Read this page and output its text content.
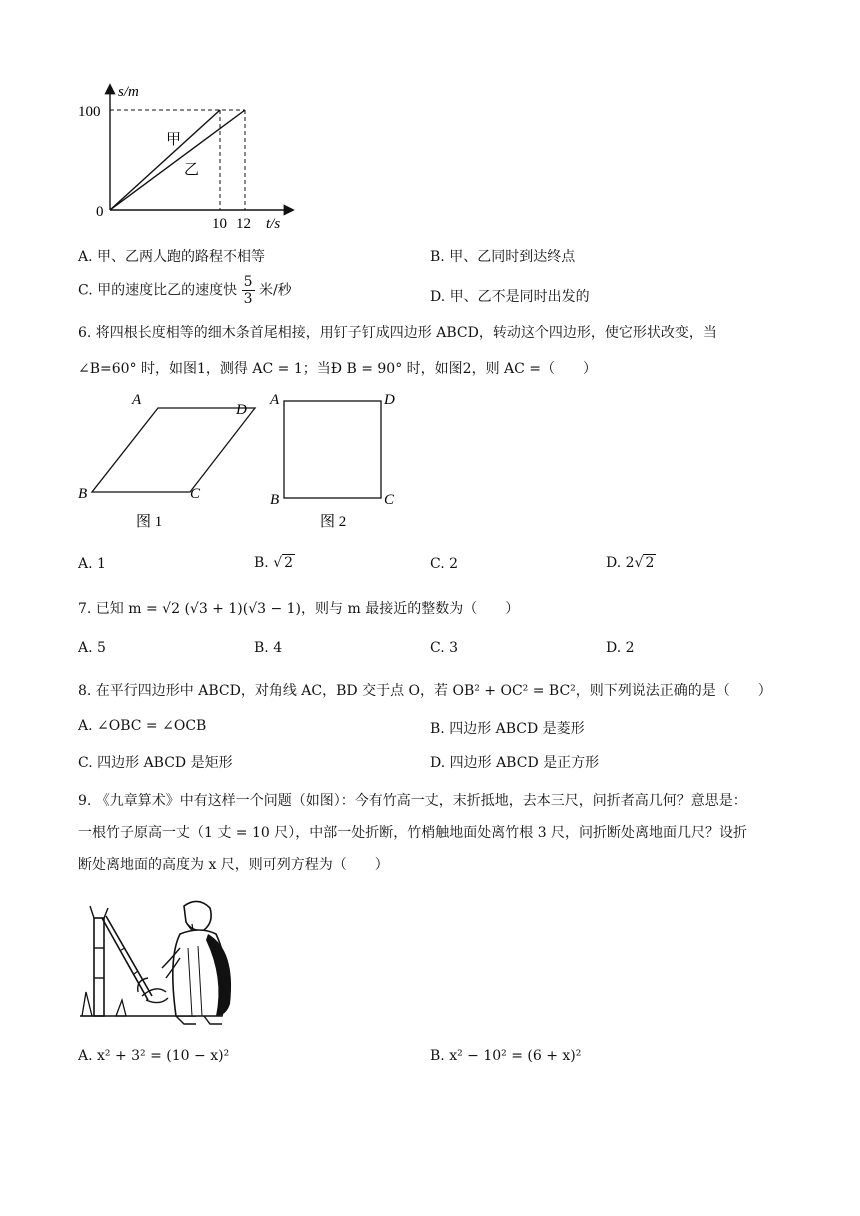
s/m
100
0
10 12 t/s
甲
乙
A. 甲、乙两人跑的路程不相等	B. 甲、乙同时到达终点
C. 甲的速度比乙的速度快 $\frac{5}{3}$ 米/秒	D. 甲、乙不是同时出发的
6. 将四根长度相等的细木条首尾相接，用钉子钉成四边形 ABCD，转动这个四边形，使它形状改变，当
∠B=60° 时，如图1，测得 AC = 1；当Ð B = 90° 时，如图2，则 AC =（　　）
A
B	C
D
图 1
A
B	C
D
图 2
A. 1	B. √ 2	C. 2	D. 2√ 2
7. 已知 m = √2 (√3 + 1)(√3 − 1)，则与 m 最接近的整数为（　　）
A. 5	B. 4	C. 3	D. 2
8. 在平行四边形中 ABCD，对角线 AC，BD 交于点 O，若 OB² + OC² = BC²，则下列说法正确的是（　　）
A. ∠OBC = ∠OCB	B. 四边形 ABCD 是菱形
C. 四边形 ABCD 是矩形	D. 四边形 ABCD 是正方形
9. 《九章算术》中有这样一个问题（如图）：今有竹高一丈，末折抵地，去本三尺，问折者高几何？意思是：
一根竹子原高一丈（1 丈 = 10 尺），中部一处折断，竹梢触地面处离竹根 3 尺，问折断处离地面几尺？设折
断处离地面的高度为 x 尺，则可列方程为（　　）
A. x² + 3² = (10 − x)²	B. x² − 10² = (6 + x)²
